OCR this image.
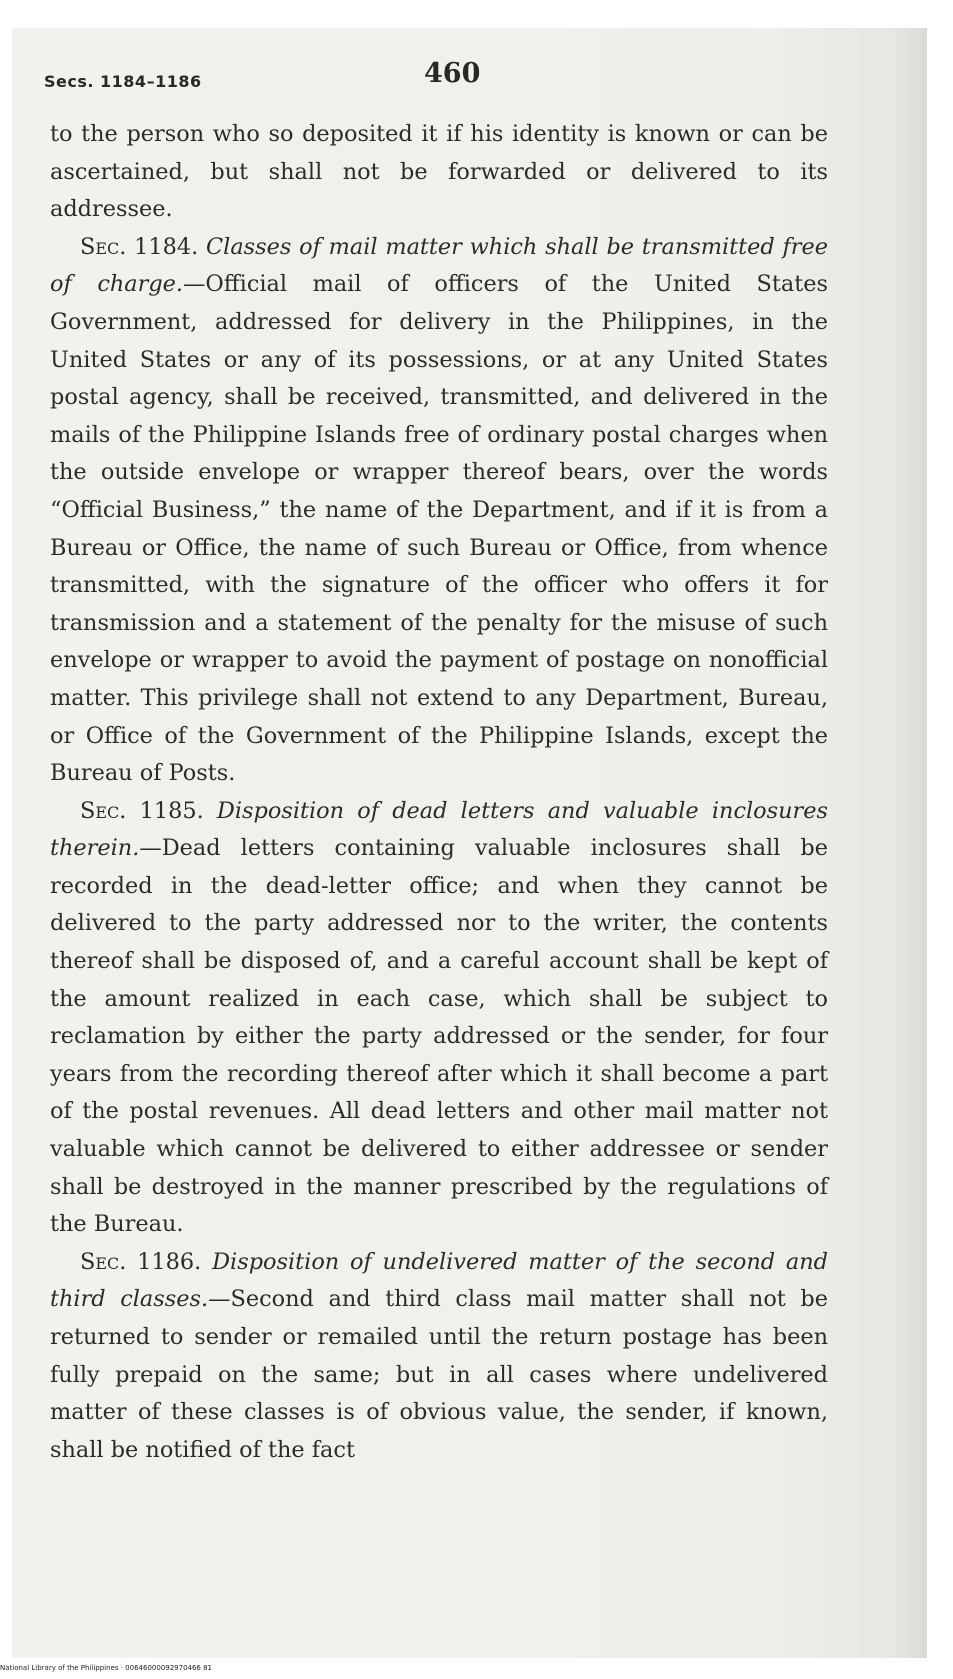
Secs. 1184–1186	460

to the person who so deposited it if his identity is known or can be ascertained, but shall not be forwarded or delivered to its addressee.

Sec. 1184. Classes of mail matter which shall be transmitted free of charge.—Official mail of officers of the United States Government, addressed for delivery in the Philippines, in the United States or any of its possessions, or at any United States postal agency, shall be received, transmitted, and delivered in the mails of the Philippine Islands free of ordinary postal charges when the outside envelope or wrapper thereof bears, over the words “Official Business,” the name of the Department, and if it is from a Bureau or Office, the name of such Bureau or Office, from whence transmitted, with the signature of the officer who offers it for transmission and a statement of the penalty for the misuse of such envelope or wrapper to avoid the payment of postage on nonofficial matter. This privilege shall not extend to any Department, Bureau, or Office of the Government of the Philippine Islands, except the Bureau of Posts.

Sec. 1185. Disposition of dead letters and valuable inclosures therein.—Dead letters containing valuable inclosures shall be recorded in the dead-letter office; and when they cannot be delivered to the party addressed nor to the writer, the contents thereof shall be disposed of, and a careful account shall be kept of the amount realized in each case, which shall be subject to reclamation by either the party addressed or the sender, for four years from the recording thereof after which it shall become a part of the postal revenues. All dead letters and other mail matter not valuable which cannot be delivered to either addressee or sender shall be destroyed in the manner prescribed by the regulations of the Bureau.

Sec. 1186. Disposition of undelivered matter of the second and third classes.—Second and third class mail matter shall not be returned to sender or remailed until the return postage has been fully prepaid on the same; but in all cases where undelivered matter of these classes is of obvious value, the sender, if known, shall be notified of the fact

National Library of the Philippines · 00646000092970466 81
